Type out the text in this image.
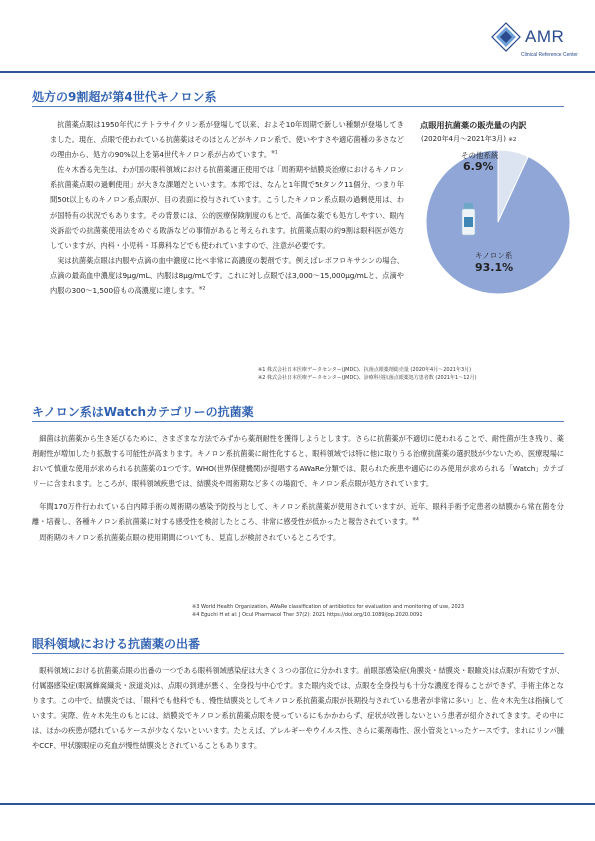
AMR
Clinical Reference Center
処方の9割超が第4世代キノロン系

抗菌薬点眼は1950年代にテトラサイクリン系が登場して以来、およそ10年周期で新しい種類が登場してきました。現在、点眼で使われている抗菌薬はそのほとんどがキノロン系で、使いやすさや適応菌種の多さなどの理由から、処方の90%以上を第4世代キノロン系が占めています。$^{※1}$

佐々木香る先生は、わが国の眼科領域における抗菌薬適正使用では「周術期や結膜炎治療におけるキノロン系抗菌薬点眼の過剰使用」が大きな課題だといいます。本邦では、なんと1年間で5tタンク11個分、つまり年間50t以上ものキノロン系点眼が、目の表面に投与されています。こうしたキノロン系点眼の過剰使用は、わが国特有の状況でもあります。その背景には、公的医療保険制度のもとで、高価な薬でも処方しやすい、眼内炎訴訟での抗菌薬使用法をめぐる敗訴などの事情があると考えられます。抗菌薬点眼の約9割は眼科医が処方していますが、内科・小児科・耳鼻科などでも使われていますので、注意が必要です。

実は抗菌薬点眼は内服や点滴の血中濃度に比べ非常に高濃度の製剤です。例えばレボフロキサシンの場合、点滴の最高血中濃度は9μg/mL、内服は8μg/mLです。これに対し点眼では3,000～15,000μg/mLと、点滴や内服の300～1,500倍もの高濃度に達します。$^{※2}$

※1 株式会社日本医療データセンター(JMDC)、抗菌点眼薬剤総売量 (2020年4月～2021年3月)
※2 株式会社日本医療データセンター(JMDC)、診療科別抗菌点眼薬処方患者数 (2021年1～12月)
点眼用抗菌薬の販売量の内訳
(2020年4月～2021年3月) ※2
その他系統
6.9%
キノロン系
93.1%
キノロン系はWatchカテゴリーの抗菌薬

細菌は抗菌薬から生き延びるために、さまざまな方法でみずから薬剤耐性を獲得しようとします。さらに抗菌薬が不適切に使われることで、耐性菌が生き残り、薬剤耐性が増加したり拡散する可能性が高まります。キノロン系抗菌薬に耐性化すると、眼科領域では特に他に取りうる治療抗菌薬の選択肢が少ないため、医療現場において慎重な使用が求められる抗菌薬の1つです。WHO(世界保健機関)が提唱するAWaRe分類では、限られた疾患や適応にのみ使用が求められる「Watch」カテゴリーに含まれます。ところが、眼科領域疾患では、結膜炎や周術期など多くの場面で、キノロン系点眼が処方されています。

年間170万件行われている白内障手術の周術期の感染予防投与として、キノロン系抗菌薬が使用されていますが、近年、眼科手術予定患者の結膜から常在菌を分離・培養し、各種キノロン系抗菌薬に対する感受性を検討したところ、非常に感受性が低かったと報告されています。$^{※4}$

周術期のキノロン系抗菌薬点眼の使用期間についても、見直しが検討されているところです。

※3 World Health Organization, AWaRe classification of antibiotics for evaluation and monitoring of use, 2023
※4 Eguchi H et al: J Ocul Pharmacol Ther 37(2): 2021 https://doi.org/10.1089/jop.2020.0091
眼科領域における抗菌薬の出番

眼科領域における抗菌薬点眼の出番の一つである眼科領域感染症は大きく３つの部位に分かれます。前眼部感染症(角膜炎・結膜炎・眼瞼炎)は点眼が有効ですが、付属器感染症(眼窩蜂窩織炎・涙道炎)は、点眼の到達が悪く、全身投与中心です。また眼内炎では、点眼を全身投与も十分な濃度を得ることができず、手術主体となります。この中で、結膜炎では、「眼科でも他科でも、慢性結膜炎としてキノロン系抗菌薬点眼が長期投与されている患者が非常に多い」と、佐々木先生は指摘しています。実際、佐々木先生のもとには、結膜炎でキノロン系抗菌薬点眼を使っているにもかかわらず、症状が改善しないという患者が紹介されてきます。その中には、ほかの疾患が隠れているケースが少なくないといいます。たとえば、アレルギーやウイルス性、さらに薬剤毒性、涙小管炎といったケースです。まれにリンパ腫やCCF、甲状腺眼症の充血が慢性結膜炎とされていることもあります。
